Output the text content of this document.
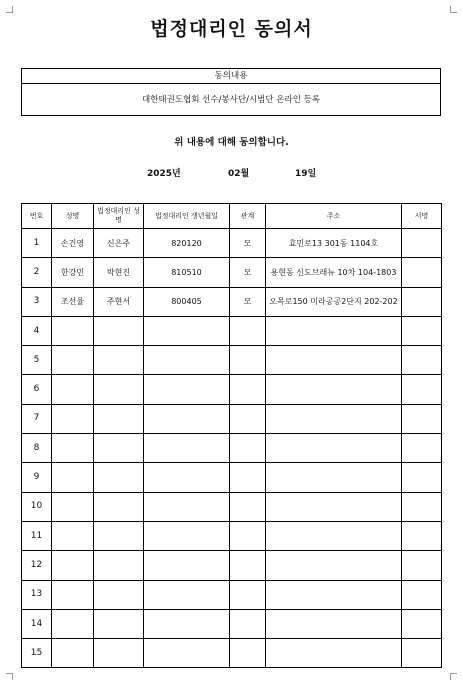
법정대리인 동의서
동의내용
대한태권도협회 선수/봉사단/시범단 온라인 등록
위 내용에 대해 동의합니다.
2025년	02월	19일
번호	성명	법정대리인 성명	법정대리인 생년월일	관계	주소	서명
1	손건영	신은주	820120	모	효민로13 301동 1104호	
2	한강민	박현진	810510	모	용현동 신도브래뉴 10차 104-1803	
3	조선율	주현서	800405	모	오목로150 미라공공2단지 202-202	
4						
5						
6						
7						
8						
9						
10						
11						
12						
13						
14						
15						
